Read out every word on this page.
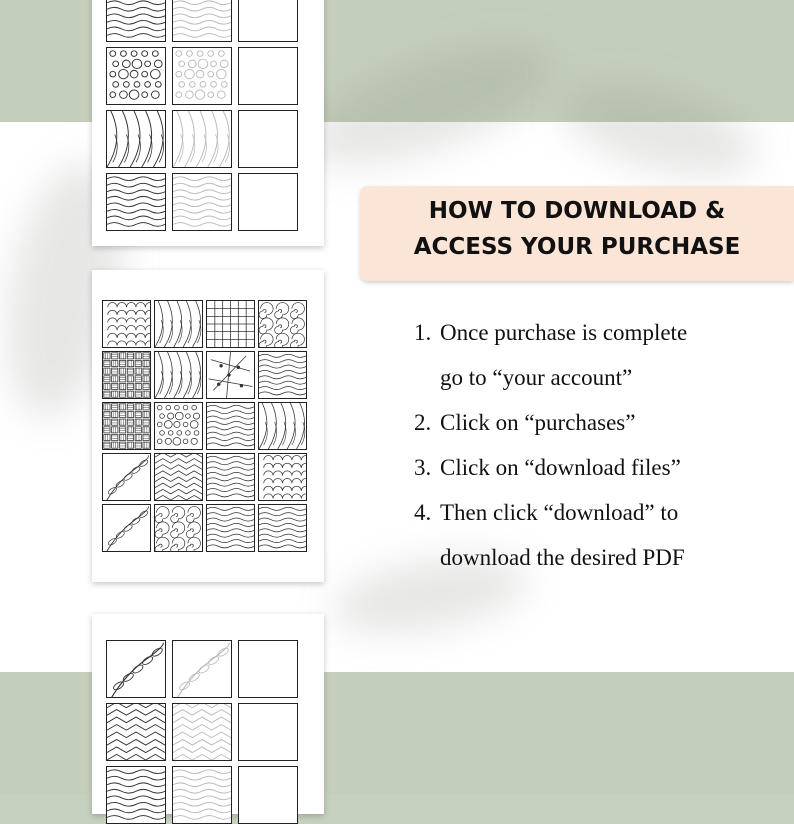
HOW TO DOWNLOAD &
ACCESS YOUR PURCHASE
1. Once purchase is complete
go to “your account”
2. Click on “purchases”
3. Click on “download files”
4. Then click “download” to
download the desired PDF
